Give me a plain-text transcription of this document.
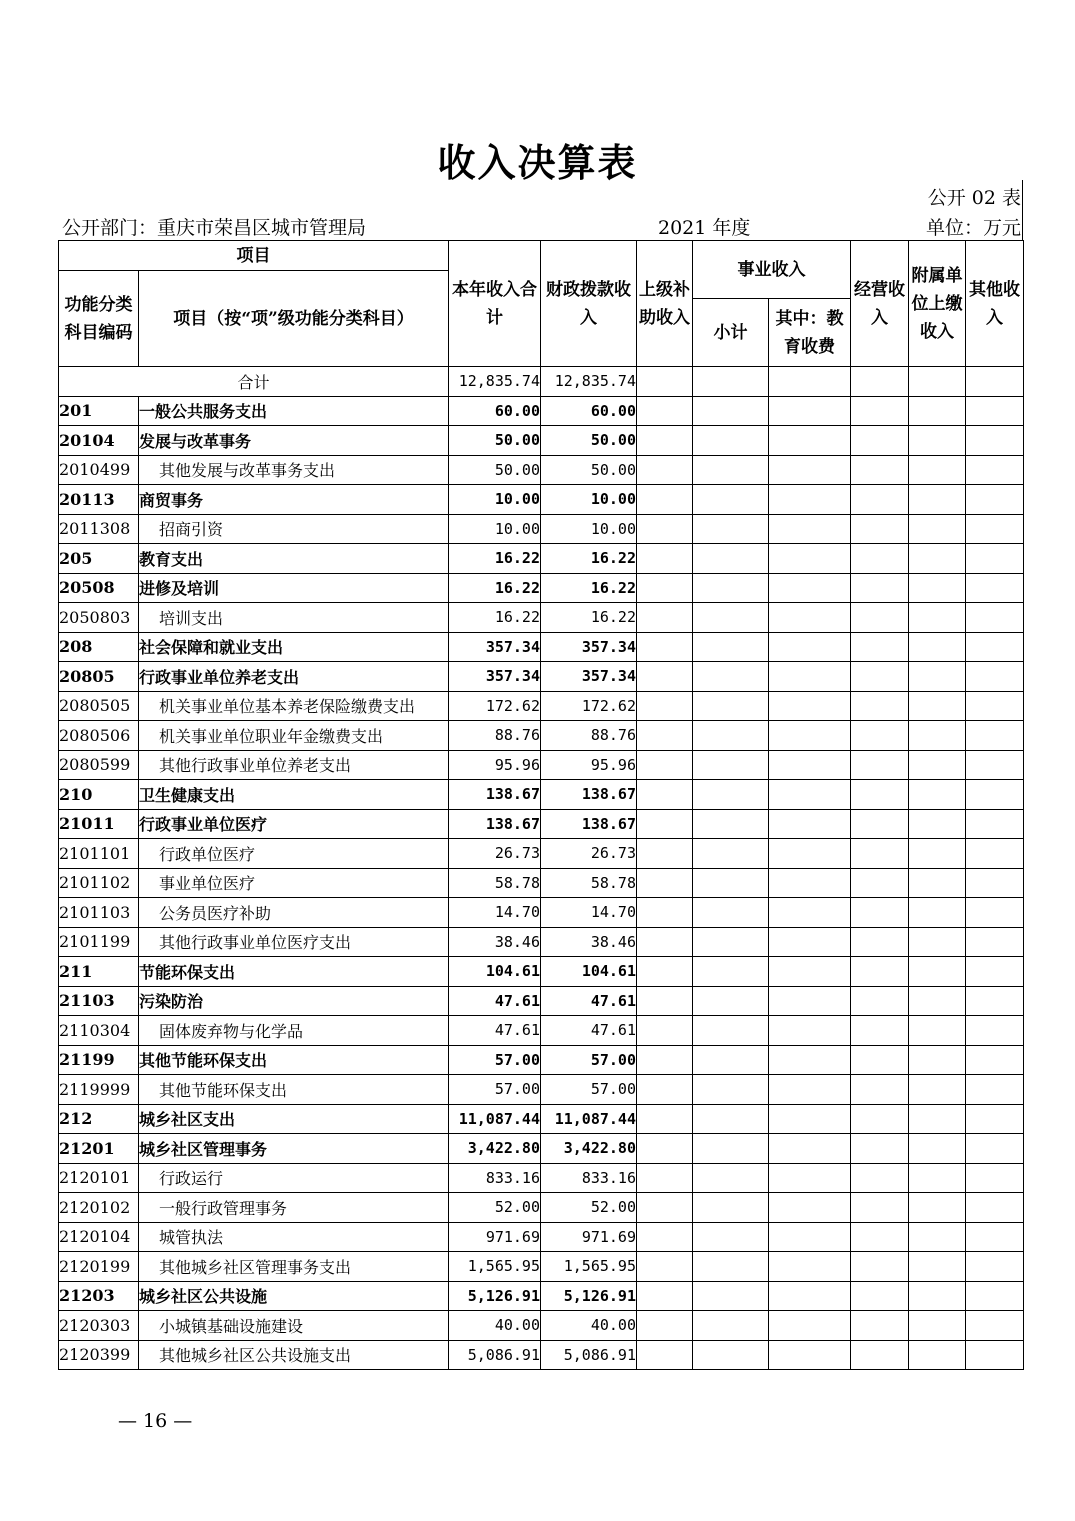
收入决算表
公开 02 表
公开部门：重庆市荣昌区城市管理局	2021 年度	单位：万元
项目		本年收入合计	财政拨款收入	上级补助收入	事业收入		经营收入	附属单位上缴收入	其他收入
功能分类科目编码	项目（按“项”级功能分类科目）								
					小计	其中：教育收费			
合计		12,835.74	12,835.74						
201	一般公共服务支出	60.00	60.00						
20104	发展与改革事务	50.00	50.00						
2010499	其他发展与改革事务支出	50.00	50.00						
20113	商贸事务	10.00	10.00						
2011308	招商引资	10.00	10.00						
205	教育支出	16.22	16.22						
20508	进修及培训	16.22	16.22						
2050803	培训支出	16.22	16.22						
208	社会保障和就业支出	357.34	357.34						
20805	行政事业单位养老支出	357.34	357.34						
2080505	机关事业单位基本养老保险缴费支出	172.62	172.62						
2080506	机关事业单位职业年金缴费支出	88.76	88.76						
2080599	其他行政事业单位养老支出	95.96	95.96						
210	卫生健康支出	138.67	138.67						
21011	行政事业单位医疗	138.67	138.67						
2101101	行政单位医疗	26.73	26.73						
2101102	事业单位医疗	58.78	58.78						
2101103	公务员医疗补助	14.70	14.70						
2101199	其他行政事业单位医疗支出	38.46	38.46						
211	节能环保支出	104.61	104.61						
21103	污染防治	47.61	47.61						
2110304	固体废弃物与化学品	47.61	47.61						
21199	其他节能环保支出	57.00	57.00						
2119999	其他节能环保支出	57.00	57.00						
212	城乡社区支出	11,087.44	11,087.44						
21201	城乡社区管理事务	3,422.80	3,422.80						
2120101	行政运行	833.16	833.16						
2120102	一般行政管理事务	52.00	52.00						
2120104	城管执法	971.69	971.69						
2120199	其他城乡社区管理事务支出	1,565.95	1,565.95						
21203	城乡社区公共设施	5,126.91	5,126.91						
2120303	小城镇基础设施建设	40.00	40.00						
2120399	其他城乡社区公共设施支出	5,086.91	5,086.91						
— 16 —
